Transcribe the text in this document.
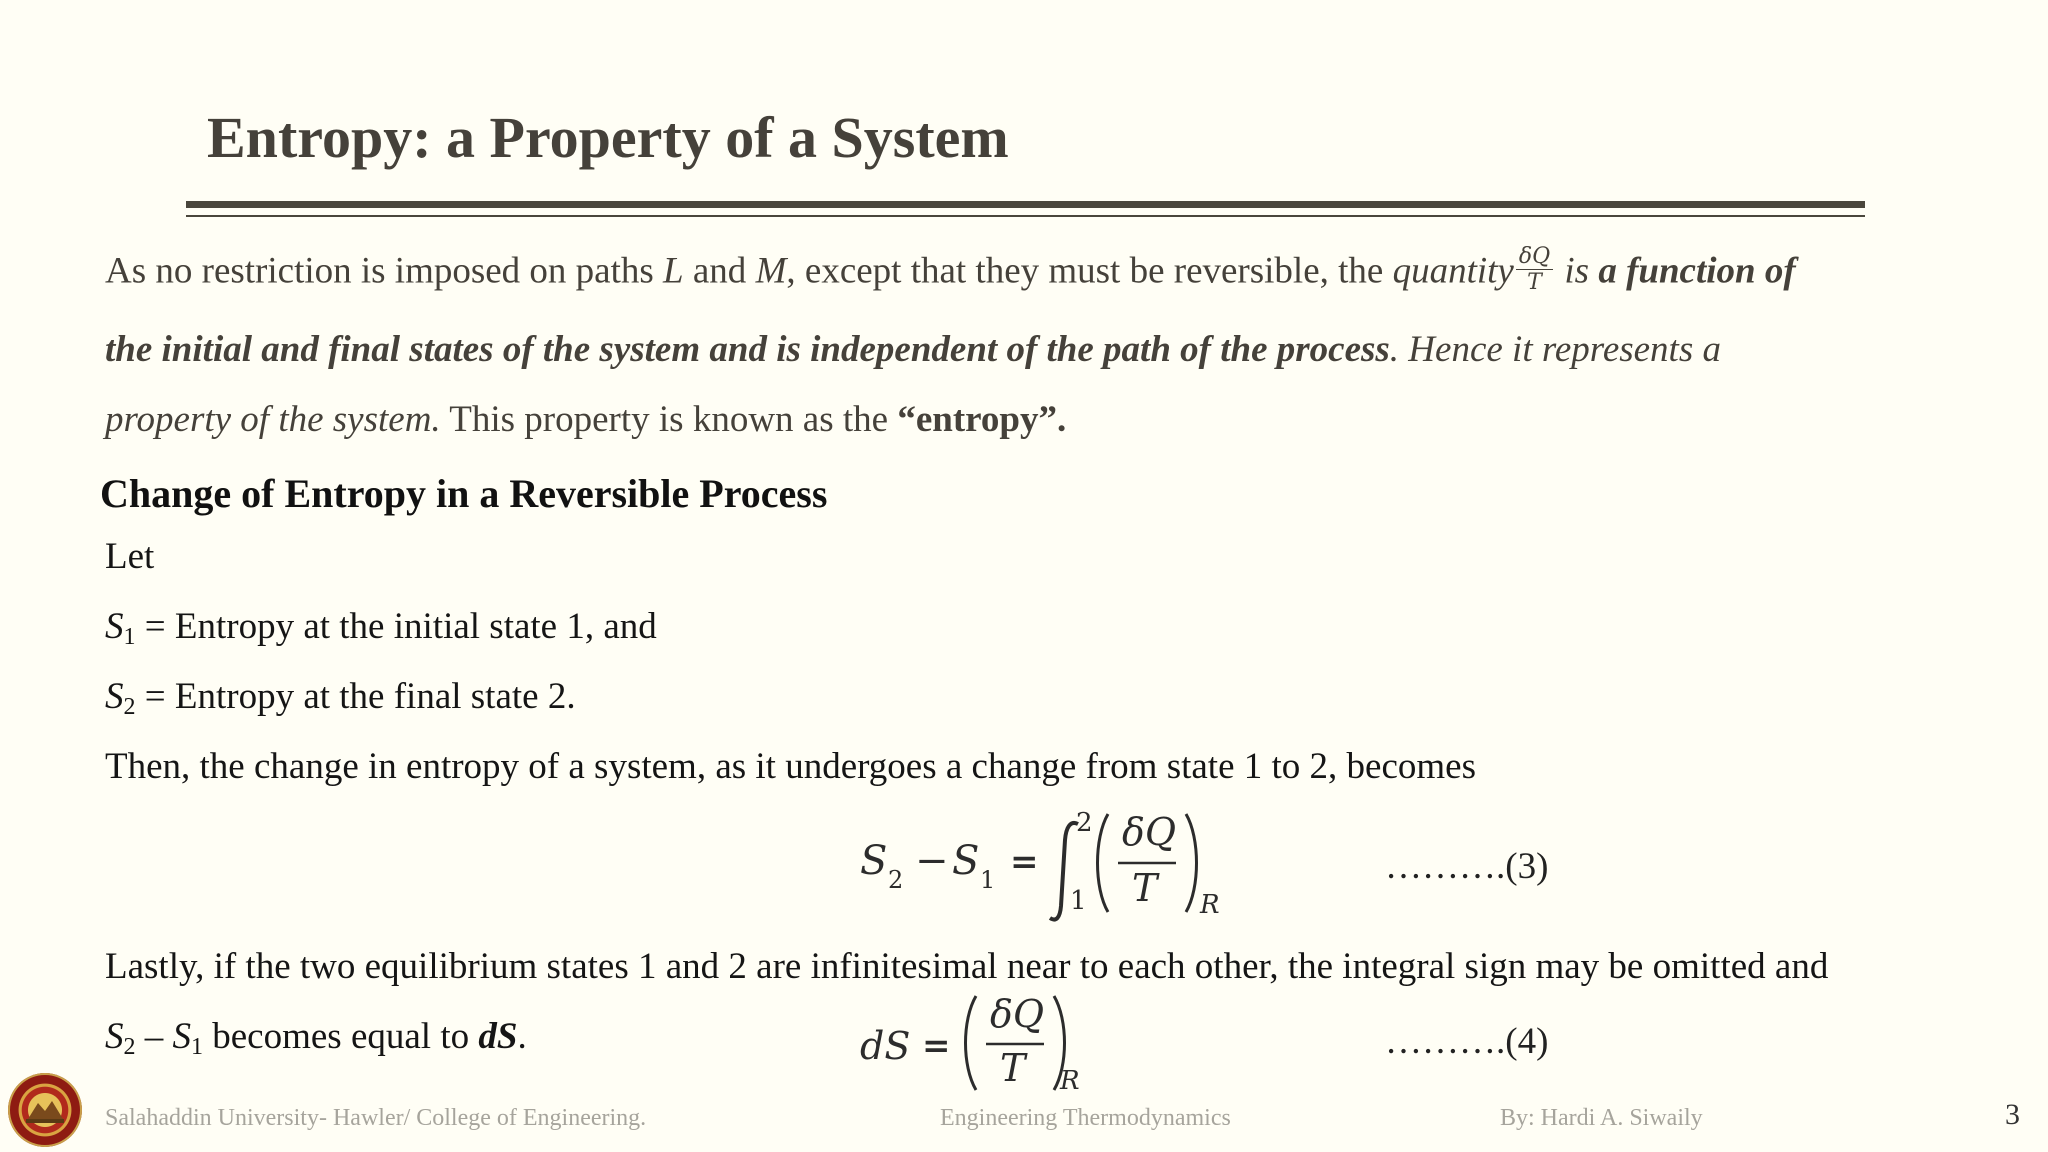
Entropy: a Property of a System
As no restriction is imposed on paths L and M, except that they must be reversible, the quantity $\frac{\delta Q}{T}$ is a function of
the initial and final states of the system and is independent of the path of the process. Hence it represents a
property of the system. This property is known as the “entropy”.
Change of Entropy in a Reversible Process
Let
$S_1$ = Entropy at the initial state 1, and
$S_2$ = Entropy at the final state 2.
Then, the change in entropy of a system, as it undergoes a change from state 1 to 2, becomes
S 2 − S 1 =
2
1
δQ
T R
……….(3)
Lastly, if the two equilibrium states 1 and 2 are infinitesimal near to each other, the integral sign may be omitted and
$S_2 - S_1$ becomes equal to dS.	dS =
δQ
T R
……….(4)
Salahaddin University- Hawler/ College of Engineering.	Engineering Thermodynamics	By: Hardi A. Siwaily	3
